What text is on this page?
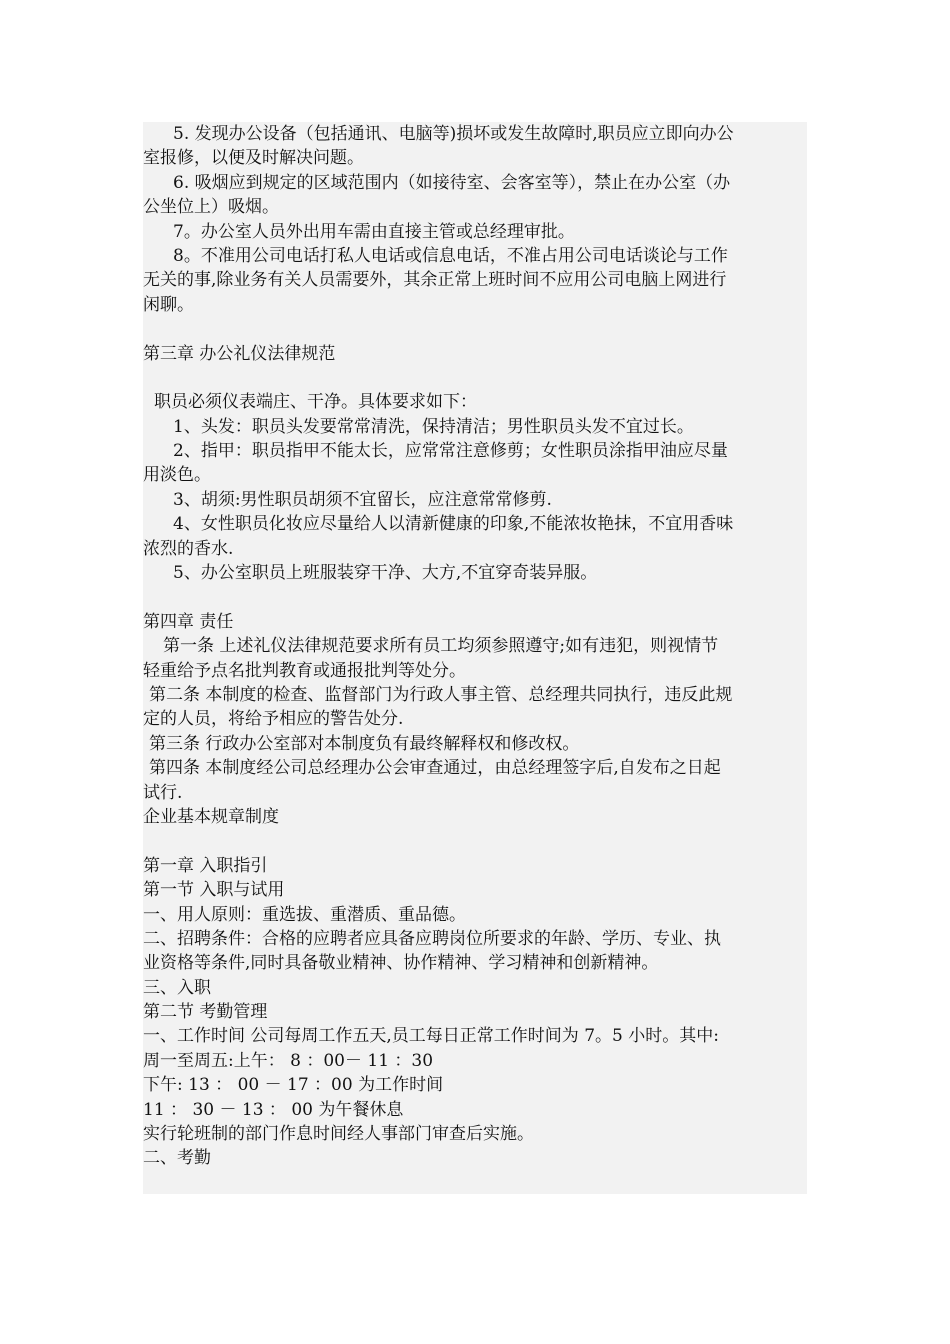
5. 发现办公设备（包括通讯、电脑等)损坏或发生故障时,职员应立即向办公
室报修，以便及时解决问题。
6. 吸烟应到规定的区域范围内（如接待室、会客室等），禁止在办公室（办
公坐位上）吸烟。
7。办公室人员外出用车需由直接主管或总经理审批。
8。不准用公司电话打私人电话或信息电话，不准占用公司电话谈论与工作
无关的事,除业务有关人员需要外，其余正常上班时间不应用公司电脑上网进行
闲聊。
第三章 办公礼仪法律规范
职员必须仪表端庄、干净。具体要求如下：
1、头发：职员头发要常常清洗，保持清洁；男性职员头发不宜过长。
2、指甲：职员指甲不能太长，应常常注意修剪；女性职员涂指甲油应尽量
用淡色。
3、胡须:男性职员胡须不宜留长，应注意常常修剪.
4、女性职员化妆应尽量给人以清新健康的印象,不能浓妆艳抹，不宜用香味
浓烈的香水.
5、办公室职员上班服装穿干净、大方,不宜穿奇装异服。
第四章 责任
第一条 上述礼仪法律规范要求所有员工均须参照遵守;如有违犯，则视情节
轻重给予点名批判教育或通报批判等处分。
第二条 本制度的检查、监督部门为行政人事主管、总经理共同执行，违反此规
定的人员，将给予相应的警告处分.
第三条 行政办公室部对本制度负有最终解释权和修改权。
第四条 本制度经公司总经理办公会审查通过，由总经理签字后,自发布之日起
试行.
企业基本规章制度
第一章 入职指引
第一节 入职与试用
一、用人原则：重选拔、重潜质、重品德。
二、招聘条件：合格的应聘者应具备应聘岗位所要求的年龄、学历、专业、执
业资格等条件,同时具备敬业精神、协作精神、学习精神和创新精神。
三、入职
第二节 考勤管理
一、工作时间 公司每周工作五天,员工每日正常工作时间为 7。5 小时。其中:
周一至周五:上午： 8 ：00－ 11 ：30
下午: 13 ： 00 － 17 ：00 为工作时间
11 ： 30 － 13 ： 00 为午餐休息
实行轮班制的部门作息时间经人事部门审查后实施。
二、考勤
